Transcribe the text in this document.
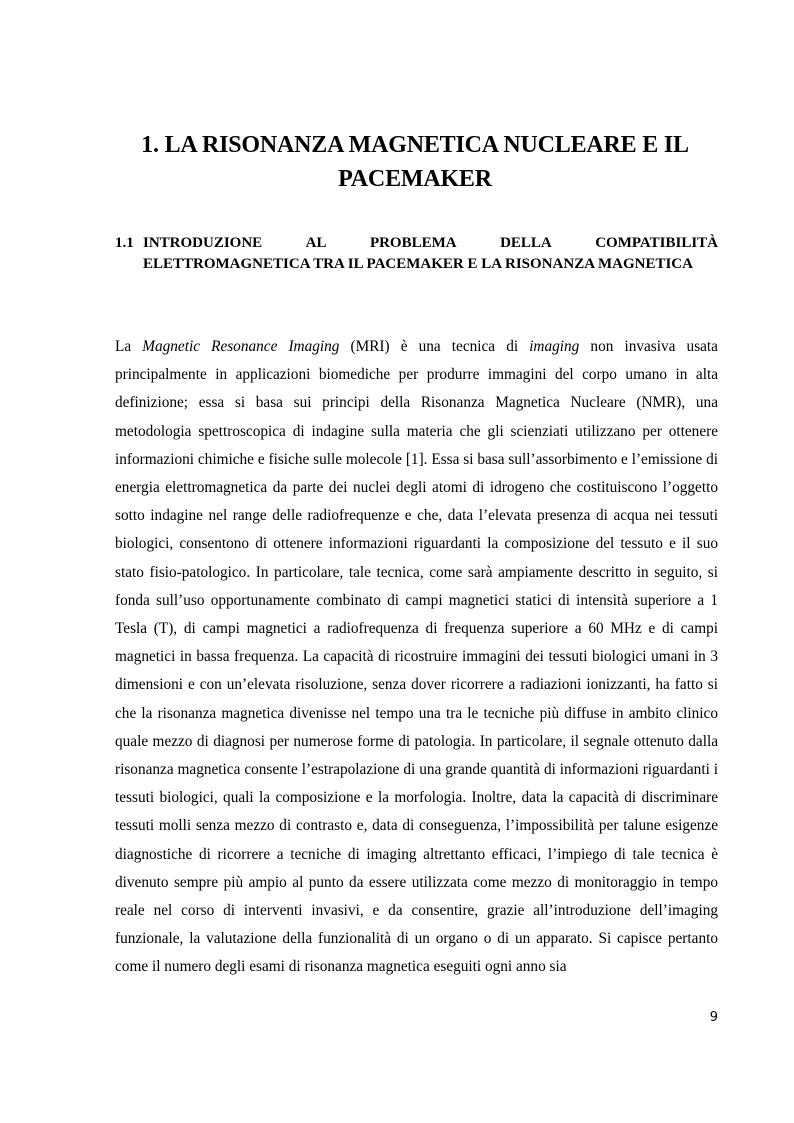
1. LA RISONANZA MAGNETICA NUCLEARE E IL PACEMAKER
1.1 INTRODUZIONE AL PROBLEMA DELLA COMPATIBILITÀ ELETTROMAGNETICA TRA IL PACEMAKER E LA RISONANZA MAGNETICA

La Magnetic Resonance Imaging (MRI) è una tecnica di imaging non invasiva usata principalmente in applicazioni biomediche per produrre immagini del corpo umano in alta definizione; essa si basa sui principi della Risonanza Magnetica Nucleare (NMR), una metodologia spettroscopica di indagine sulla materia che gli scienziati utilizzano per ottenere informazioni chimiche e fisiche sulle molecole [1]. Essa si basa sull’assorbimento e l’emissione di energia elettromagnetica da parte dei nuclei degli atomi di idrogeno che costituiscono l’oggetto sotto indagine nel range delle radiofrequenze e che, data l’elevata presenza di acqua nei tessuti biologici, consentono di ottenere informazioni riguardanti la composizione del tessuto e il suo stato fisio-patologico. In particolare, tale tecnica, come sarà ampiamente descritto in seguito, si fonda sull’uso opportunamente combinato di campi magnetici statici di intensità superiore a 1 Tesla (T), di campi magnetici a radiofrequenza di frequenza superiore a 60 MHz e di campi magnetici in bassa frequenza. La capacità di ricostruire immagini dei tessuti biologici umani in 3 dimensioni e con un’elevata risoluzione, senza dover ricorrere a radiazioni ionizzanti, ha fatto si che la risonanza magnetica divenisse nel tempo una tra le tecniche più diffuse in ambito clinico quale mezzo di diagnosi per numerose forme di patologia. In particolare, il segnale ottenuto dalla risonanza magnetica consente l’estrapolazione di una grande quantità di informazioni riguardanti i tessuti biologici, quali la composizione e la morfologia. Inoltre, data la capacità di discriminare tessuti molli senza mezzo di contrasto e, data di conseguenza, l’impossibilità per talune esigenze diagnostiche di ricorrere a tecniche di imaging altrettanto efficaci, l’impiego di tale tecnica è divenuto sempre più ampio al punto da essere utilizzata come mezzo di monitoraggio in tempo reale nel corso di interventi invasivi, e da consentire, grazie all’introduzione dell’imaging funzionale, la valutazione della funzionalità di un organo o di un apparato. Si capisce pertanto come il numero degli esami di risonanza magnetica eseguiti ogni anno sia

9
